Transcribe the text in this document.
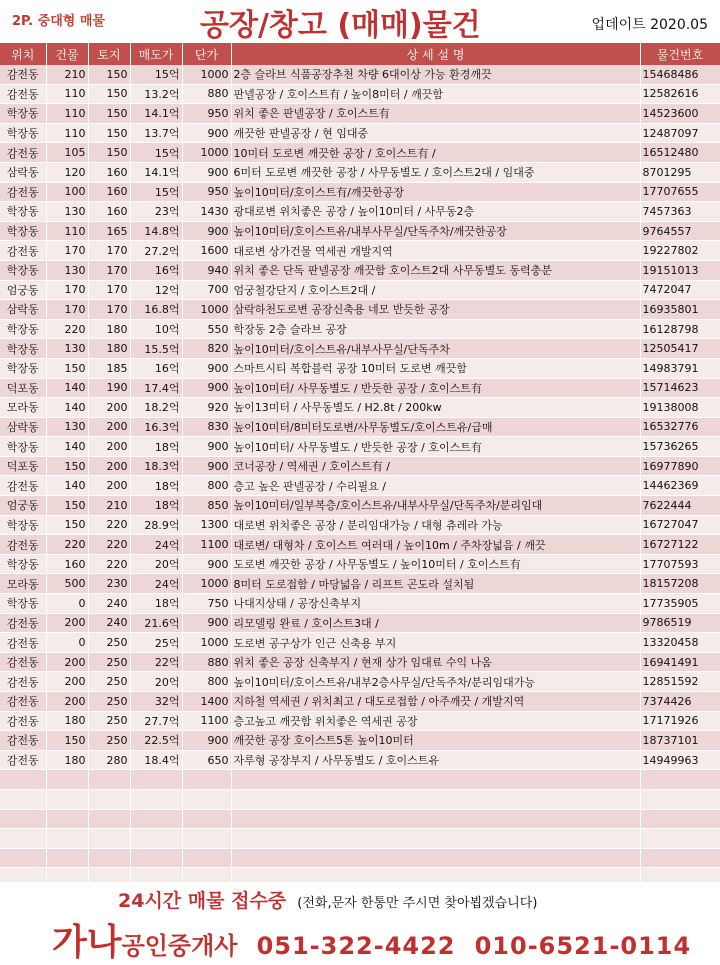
2P. 중대형 매물	공장/창고 (매매)물건	업데이트 2020.05
위치	건물	토지	매도가	단가	상 세 설 명	물건번호
감전동	210	150	15억	1000	2층 슬라브 식품공장추천 차량 6대이상 가능 환경깨끗	15468486
감전동	110	150	13.2억	880	판넬공장 / 호이스트有 / 높이8미터 / 깨끗함	12582616
학장동	110	150	14.1억	950	위치 좋은 판넬공장 / 호이스트有	14523600
학장동	110	150	13.7억	900	깨끗한 판넬공장 / 현 임대중	12487097
감전동	105	150	15억	1000	10미터 도로변 깨끗한 공장 / 호이스트有 /	16512480
삼락동	120	160	14.1억	900	6미터 도로변 깨끗한 공장 / 사무동별도 / 호이스트2대 / 임대중	8701295
감전동	100	160	15억	950	높이10미터/호이스트有/깨끗한공장	17707655
학장동	130	160	23억	1430	광대로변 위치좋은 공장 / 높이10미터 / 사무동2층	7457363
학장동	110	165	14.8억	900	높이10미터/호이스트유/내부사무실/단독주차/깨끗한공장	9764557
감전동	170	170	27.2억	1600	대로변 상가건물 역세권 개발지역	19227802
학장동	130	170	16억	940	위치 좋은 단독 판넬공장 깨끗함 호이스트2대 사무동별도 동력충분	19151013
엄궁동	170	170	12억	700	엄궁철강단지 / 호이스트2대 /	7472047
삼락동	170	170	16.8억	1000	삼락하천도로변 공장신축용 네모 반듯한 공장	16935801
학장동	220	180	10억	550	학장동 2층 슬라브 공장	16128798
학장동	130	180	15.5억	820	높이10미터/호이스트유/내부사무실/단독주차	12505417
학장동	150	185	16억	900	스마트시티 복합블럭 공장 10미터 도로변 깨끗함	14983791
덕포동	140	190	17.4억	900	높이10미터/ 사무동별도 / 반듯한 공장 / 호이스트有	15714623
모라동	140	200	18.2억	920	높이13미터 / 사무동별도 / H2.8t / 200kw	19138008
삼락동	130	200	16.3억	830	높이10미터/8미터도로변/사무동별도/호이스트유/급매	16532776
학장동	140	200	18억	900	높이10미터/ 사무동별도 / 반듯한 공장 / 호이스트有	15736265
덕포동	150	200	18.3억	900	코너공장 / 역세권 / 호이스트有 /	16977890
감전동	140	200	18억	800	층고 높은 판넬공장 / 수리필요 /	14462369
엄궁동	150	210	18억	850	높이10미터/일부복층/호이스트유/내부사무실/단독주차/분리임대	7622444
학장동	150	220	28.9억	1300	대로변 위치좋은 공장 / 분리임대가능 / 대형 츄레라 가능	16727047
감전동	220	220	24억	1100	대로변/ 대형차 / 호이스트 여러대 / 높이10m / 주차장넓음 / 깨끗	16727122
학장동	160	220	20억	900	도로변 깨끗한 공장 / 사무동별도 / 높이10미터 / 호이스트有	17707593
모라동	500	230	24억	1000	8미터 도로접함 / 마당넓음 / 리프트 곤도라 설치됨	18157208
학장동	0	240	18억	750	나대지상태 / 공장신축부지	17735905
감전동	200	240	21.6억	900	리모델링 완료 / 호이스트3대 /	9786519
감전동	0	250	25억	1000	도로변 공구상가 인근 신축용 부지	13320458
감전동	200	250	22억	880	위치 좋은 공장 신축부지 / 현재 상가 임대료 수익 나옴	16941491
감전동	200	250	20억	800	높이10미터/호이스트유/내부2층사무실/단독주차/분리임대가능	12851592
감전동	200	250	32억	1400	지하철 역세권 / 위치최고 / 대도로접함 / 아주깨끗 / 개발지역	7374426
감전동	180	250	27.7억	1100	층고높고 깨끗함 위치좋은 역세권 공장	17171926
감전동	150	250	22.5억	900	깨끗한 공장 호이스트5톤 높이10미터	18737101
감전동	180	280	18.4억	650	자루형 공장부지 / 사무동별도 / 호이스트유	14949963

24시간 매물 접수중 (전화,문자 한통만 주시면 찾아뵙겠습니다)
가나공인중개사 051-322-4422 010-6521-0114
